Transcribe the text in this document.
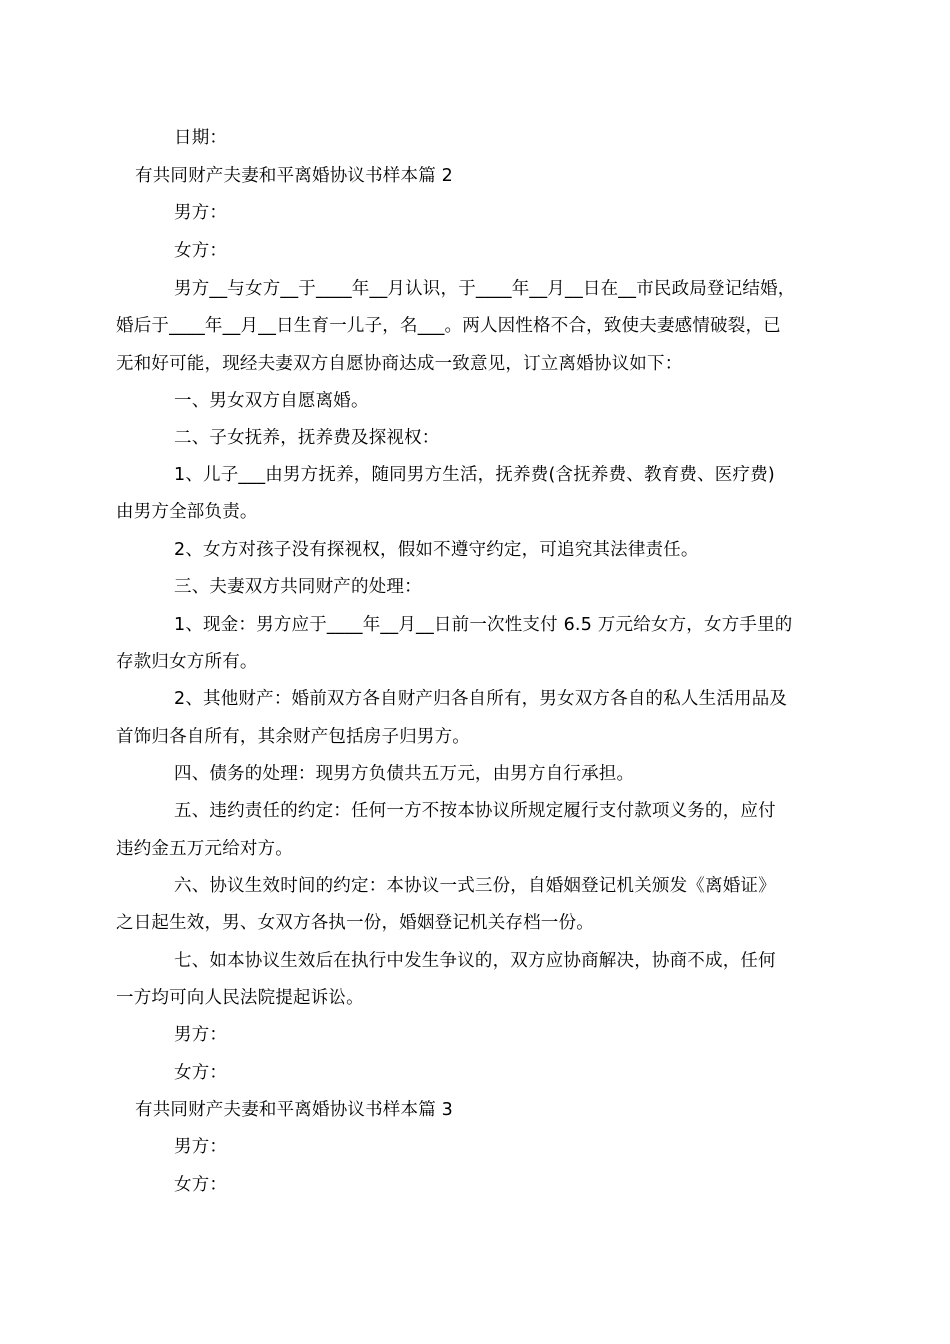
日期：
有共同财产夫妻和平离婚协议书样本篇 2
男方：
女方：
男方__与女方__于____年__月认识，于____年__月__日在__市民政局登记结婚，
婚后于____年__月__日生育一儿子，名___。两人因性格不合，致使夫妻感情破裂，已
无和好可能，现经夫妻双方自愿协商达成一致意见，订立离婚协议如下：
一、男女双方自愿离婚。
二、子女抚养，抚养费及探视权：
1、儿子___由男方抚养，随同男方生活，抚养费(含抚养费、教育费、医疗费)
由男方全部负责。
2、女方对孩子没有探视权，假如不遵守约定，可追究其法律责任。
三、夫妻双方共同财产的处理：
1、现金：男方应于____年__月__日前一次性支付 6.5 万元给女方，女方手里的
存款归女方所有。
2、其他财产：婚前双方各自财产归各自所有，男女双方各自的私人生活用品及
首饰归各自所有，其余财产包括房子归男方。
四、债务的处理：现男方负债共五万元，由男方自行承担。
五、违约责任的约定：任何一方不按本协议所规定履行支付款项义务的，应付
违约金五万元给对方。
六、协议生效时间的约定：本协议一式三份，自婚姻登记机关颁发《离婚证》
之日起生效，男、女双方各执一份，婚姻登记机关存档一份。
七、如本协议生效后在执行中发生争议的，双方应协商解决，协商不成，任何
一方均可向人民法院提起诉讼。
男方：
女方：
有共同财产夫妻和平离婚协议书样本篇 3
男方：
女方：
